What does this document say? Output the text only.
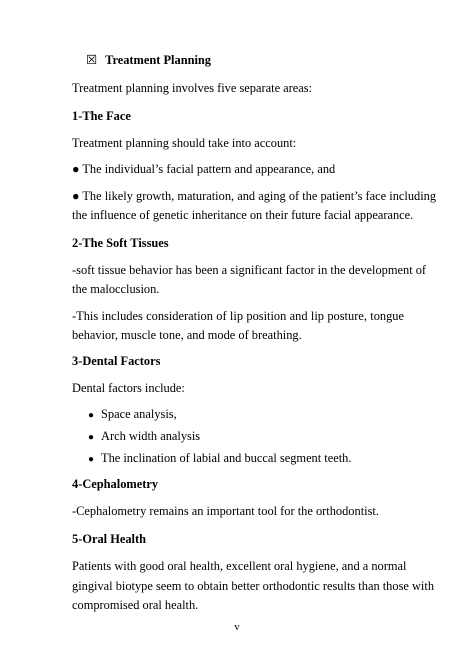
☒ Treatment Planning
Treatment planning involves five separate areas:
1-The Face
Treatment planning should take into account:
● The individual’s facial pattern and appearance, and
● The likely growth, maturation, and aging of the patient’s face including
the influence of genetic inheritance on their future facial appearance.
2-The Soft Tissues
-soft tissue behavior has been a significant factor in the development of
the malocclusion.
-This includes consideration of lip position and lip posture, tongue
behavior, muscle tone, and mode of breathing.
3-Dental Factors
Dental factors include:
● Space analysis,
● Arch width analysis
● The inclination of labial and buccal segment teeth.
4-Cephalometry
-Cephalometry remains an important tool for the orthodontist.
5-Oral Health
Patients with good oral health, excellent oral hygiene, and a normal
gingival biotype seem to obtain better orthodontic results than those with
compromised oral health.
v
